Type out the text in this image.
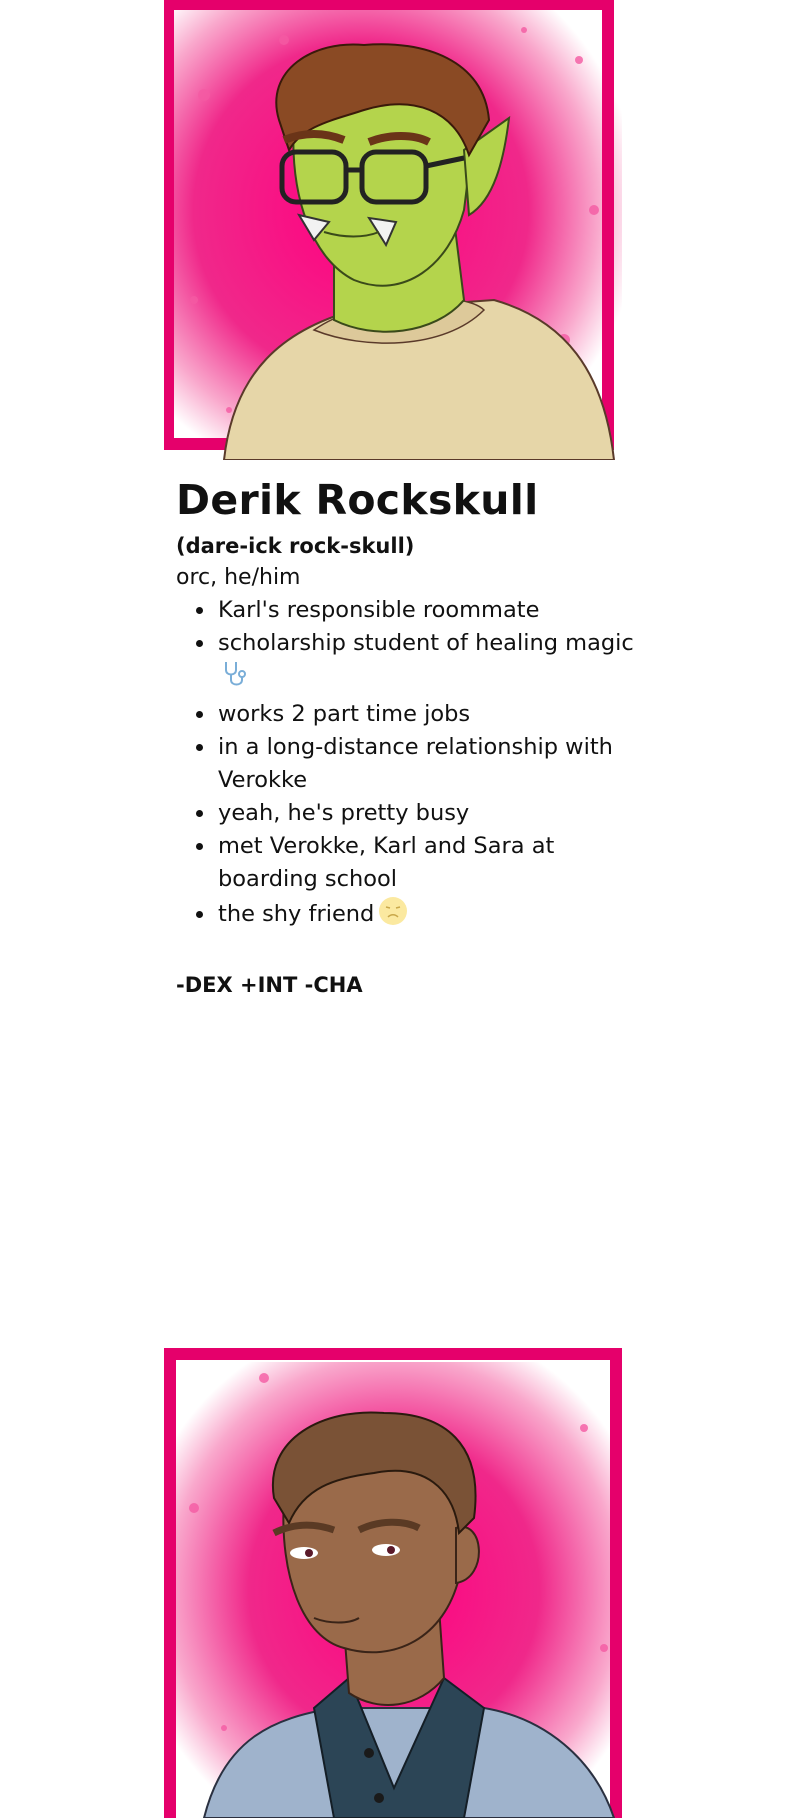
Derik Rockskull
(dare-ick rock-skull)
orc, he/him
• Karl's responsible roommate
• scholarship student of healing magic
• works 2 part time jobs
• in a long-distance relationship with Verokke
• yeah, he's pretty busy
• met Verokke, Karl and Sara at boarding school
• the shy friend
-DEX +INT -CHA
